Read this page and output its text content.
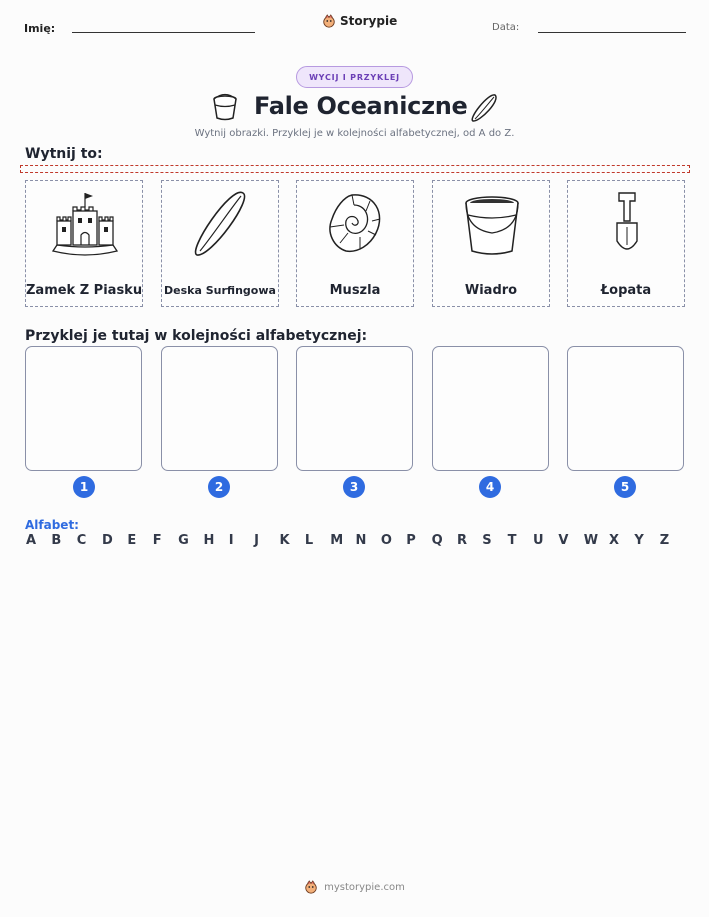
Imię:
Storypie	Data:
WYCIJ I PRZYKLEJ
Fale Oceaniczne
Wytnij obrazki. Przyklej je w kolejności alfabetycznej, od A do Z.
Wytnij to:
Zamek Z Piasku Deska Surfingowa	Muszla	Wiadro	Łopata
Przyklej je tutaj w kolejności alfabetycznej:
1	2	3	4	5
Alfabet:
A B C D E F G H I J K L M N O P Q R S T U V W X Y Z
mystorypie.com
